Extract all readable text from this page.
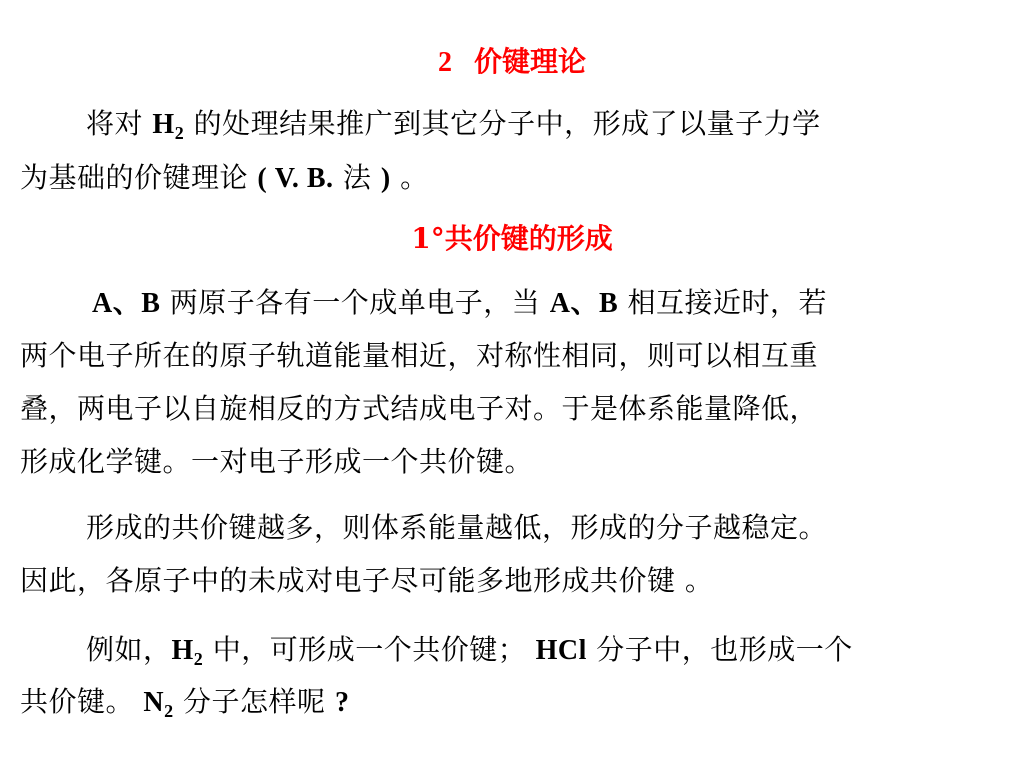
2 价键理论
将对 $H_2$ 的处理结果推广到其它分子中，形成了以量子力学
为基础的价键理论 ( V. B. 法 ) 。
1°共价键的形成
A、B 两原子各有一个成单电子，当 A、B 相互接近时，若
两个电子所在的原子轨道能量相近，对称性相同，则可以相互重
叠，两电子以自旋相反的方式结成电子对。于是体系能量降低，
形成化学键。一对电子形成一个共价键。
形成的共价键越多，则体系能量越低，形成的分子越稳定。
因此，各原子中的未成对电子尽可能多地形成共价键 。
例如，$H_2$ 中，可形成一个共价键； HCl 分子中，也形成一个
共价键。 $N_2$ 分子怎样呢 ?
